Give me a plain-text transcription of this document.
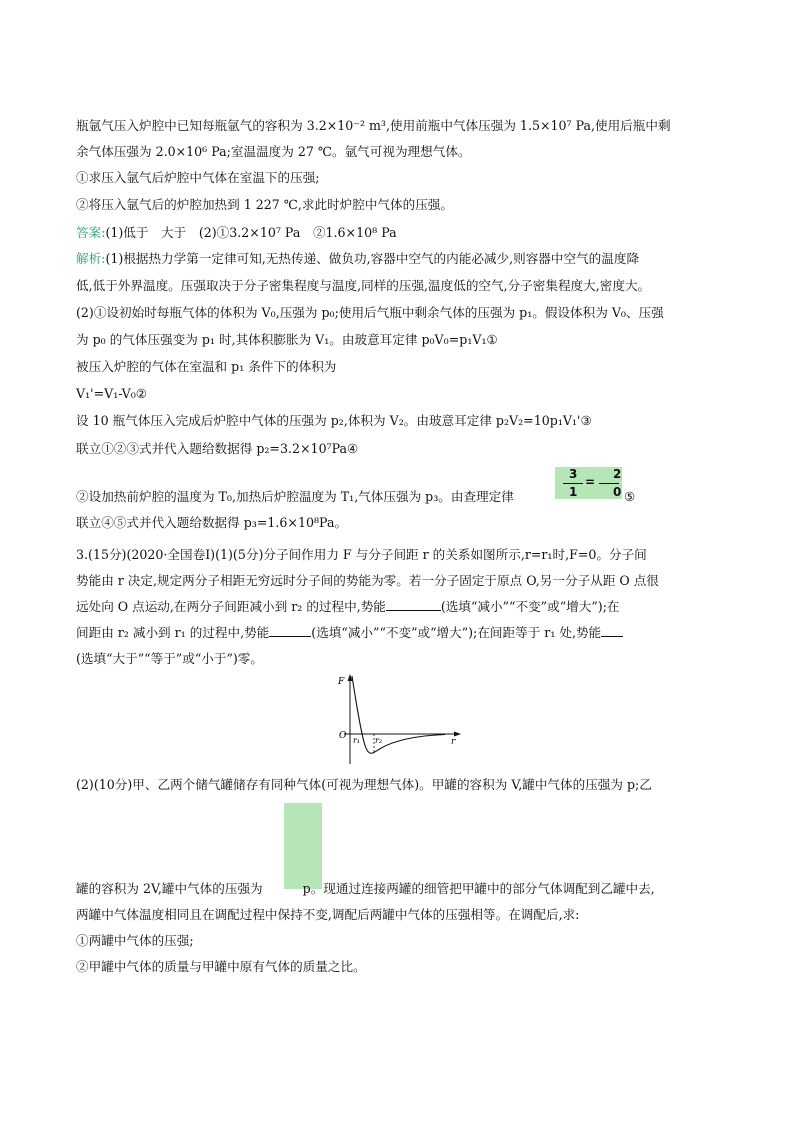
瓶氩气压入炉腔中已知每瓶氩气的容积为 3.2×10⁻² m³,使用前瓶中气体压强为 1.5×10⁷ Pa,使用后瓶中剩
余气体压强为 2.0×10⁶ Pa;室温温度为 27 ℃。氩气可视为理想气体。
①求压入氩气后炉腔中气体在室温下的压强;
②将压入氩气后的炉腔加热到 1 227 ℃,求此时炉腔中气体的压强。
答案:(1)低于　大于　(2)①3.2×10⁷ Pa　②1.6×10⁸ Pa
解析:(1)根据热力学第一定律可知,无热传递、做负功,容器中空气的内能必减少,则容器中空气的温度降
低,低于外界温度。压强取决于分子密集程度与温度,同样的压强,温度低的空气,分子密集程度大,密度大。
(2)①设初始时每瓶气体的体积为 V₀,压强为 p₀;使用后气瓶中剩余气体的压强为 p₁。假设体积为 V₀、压强
为 p₀ 的气体压强变为 p₁ 时,其体积膨胀为 V₁。由玻意耳定律 p₀V₀=p₁V₁①
被压入炉腔的气体在室温和 p₁ 条件下的体积为
V₁'=V₁-V₀②
设 10 瓶气体压入完成后炉腔中气体的压强为 p₂,体积为 V₂。由玻意耳定律 p₂V₂=10p₁V₁'③
联立①②③式并代入题给数据得 p₂=3.2×10⁷Pa④
②设加热前炉腔的温度为 T₀,加热后炉腔温度为 T₁,气体压强为 p₃。由查理定律	⑤
3
1
=
2
0
联立④⑤式并代入题给数据得 p₃=1.6×10⁸Pa。
3.(15分)(2020·全国卷Ⅰ)(1)(5分)分子间作用力 F 与分子间距 r 的关系如图所示,r=r₁时,F=0。分子间
势能由 r 决定,规定两分子相距无穷远时分子间的势能为零。若一分子固定于原点 O,另一分子从距 O 点很
远处向 O 点运动,在两分子间距减小到 r₂ 的过程中,势能	(选填“减小”“不变”或“增大”);在
间距由 r₂ 减小到 r₁ 的过程中,势能	(选填“减小”“不变”或“增大”);在间距等于 r₁ 处,势能
(选填“大于”“等于”或“小于”)零。
F
O
r
r₁ r₂
(2)(10分)甲、乙两个储气罐储存有同种气体(可视为理想气体)。甲罐的容积为 V,罐中气体的压强为 p;乙
罐的容积为 2V,罐中气体的压强为	p。现通过连接两罐的细管把甲罐中的部分气体调配到乙罐中去,
两罐中气体温度相同且在调配过程中保持不变,调配后两罐中气体的压强相等。在调配后,求:
①两罐中气体的压强;
②甲罐中气体的质量与甲罐中原有气体的质量之比。
